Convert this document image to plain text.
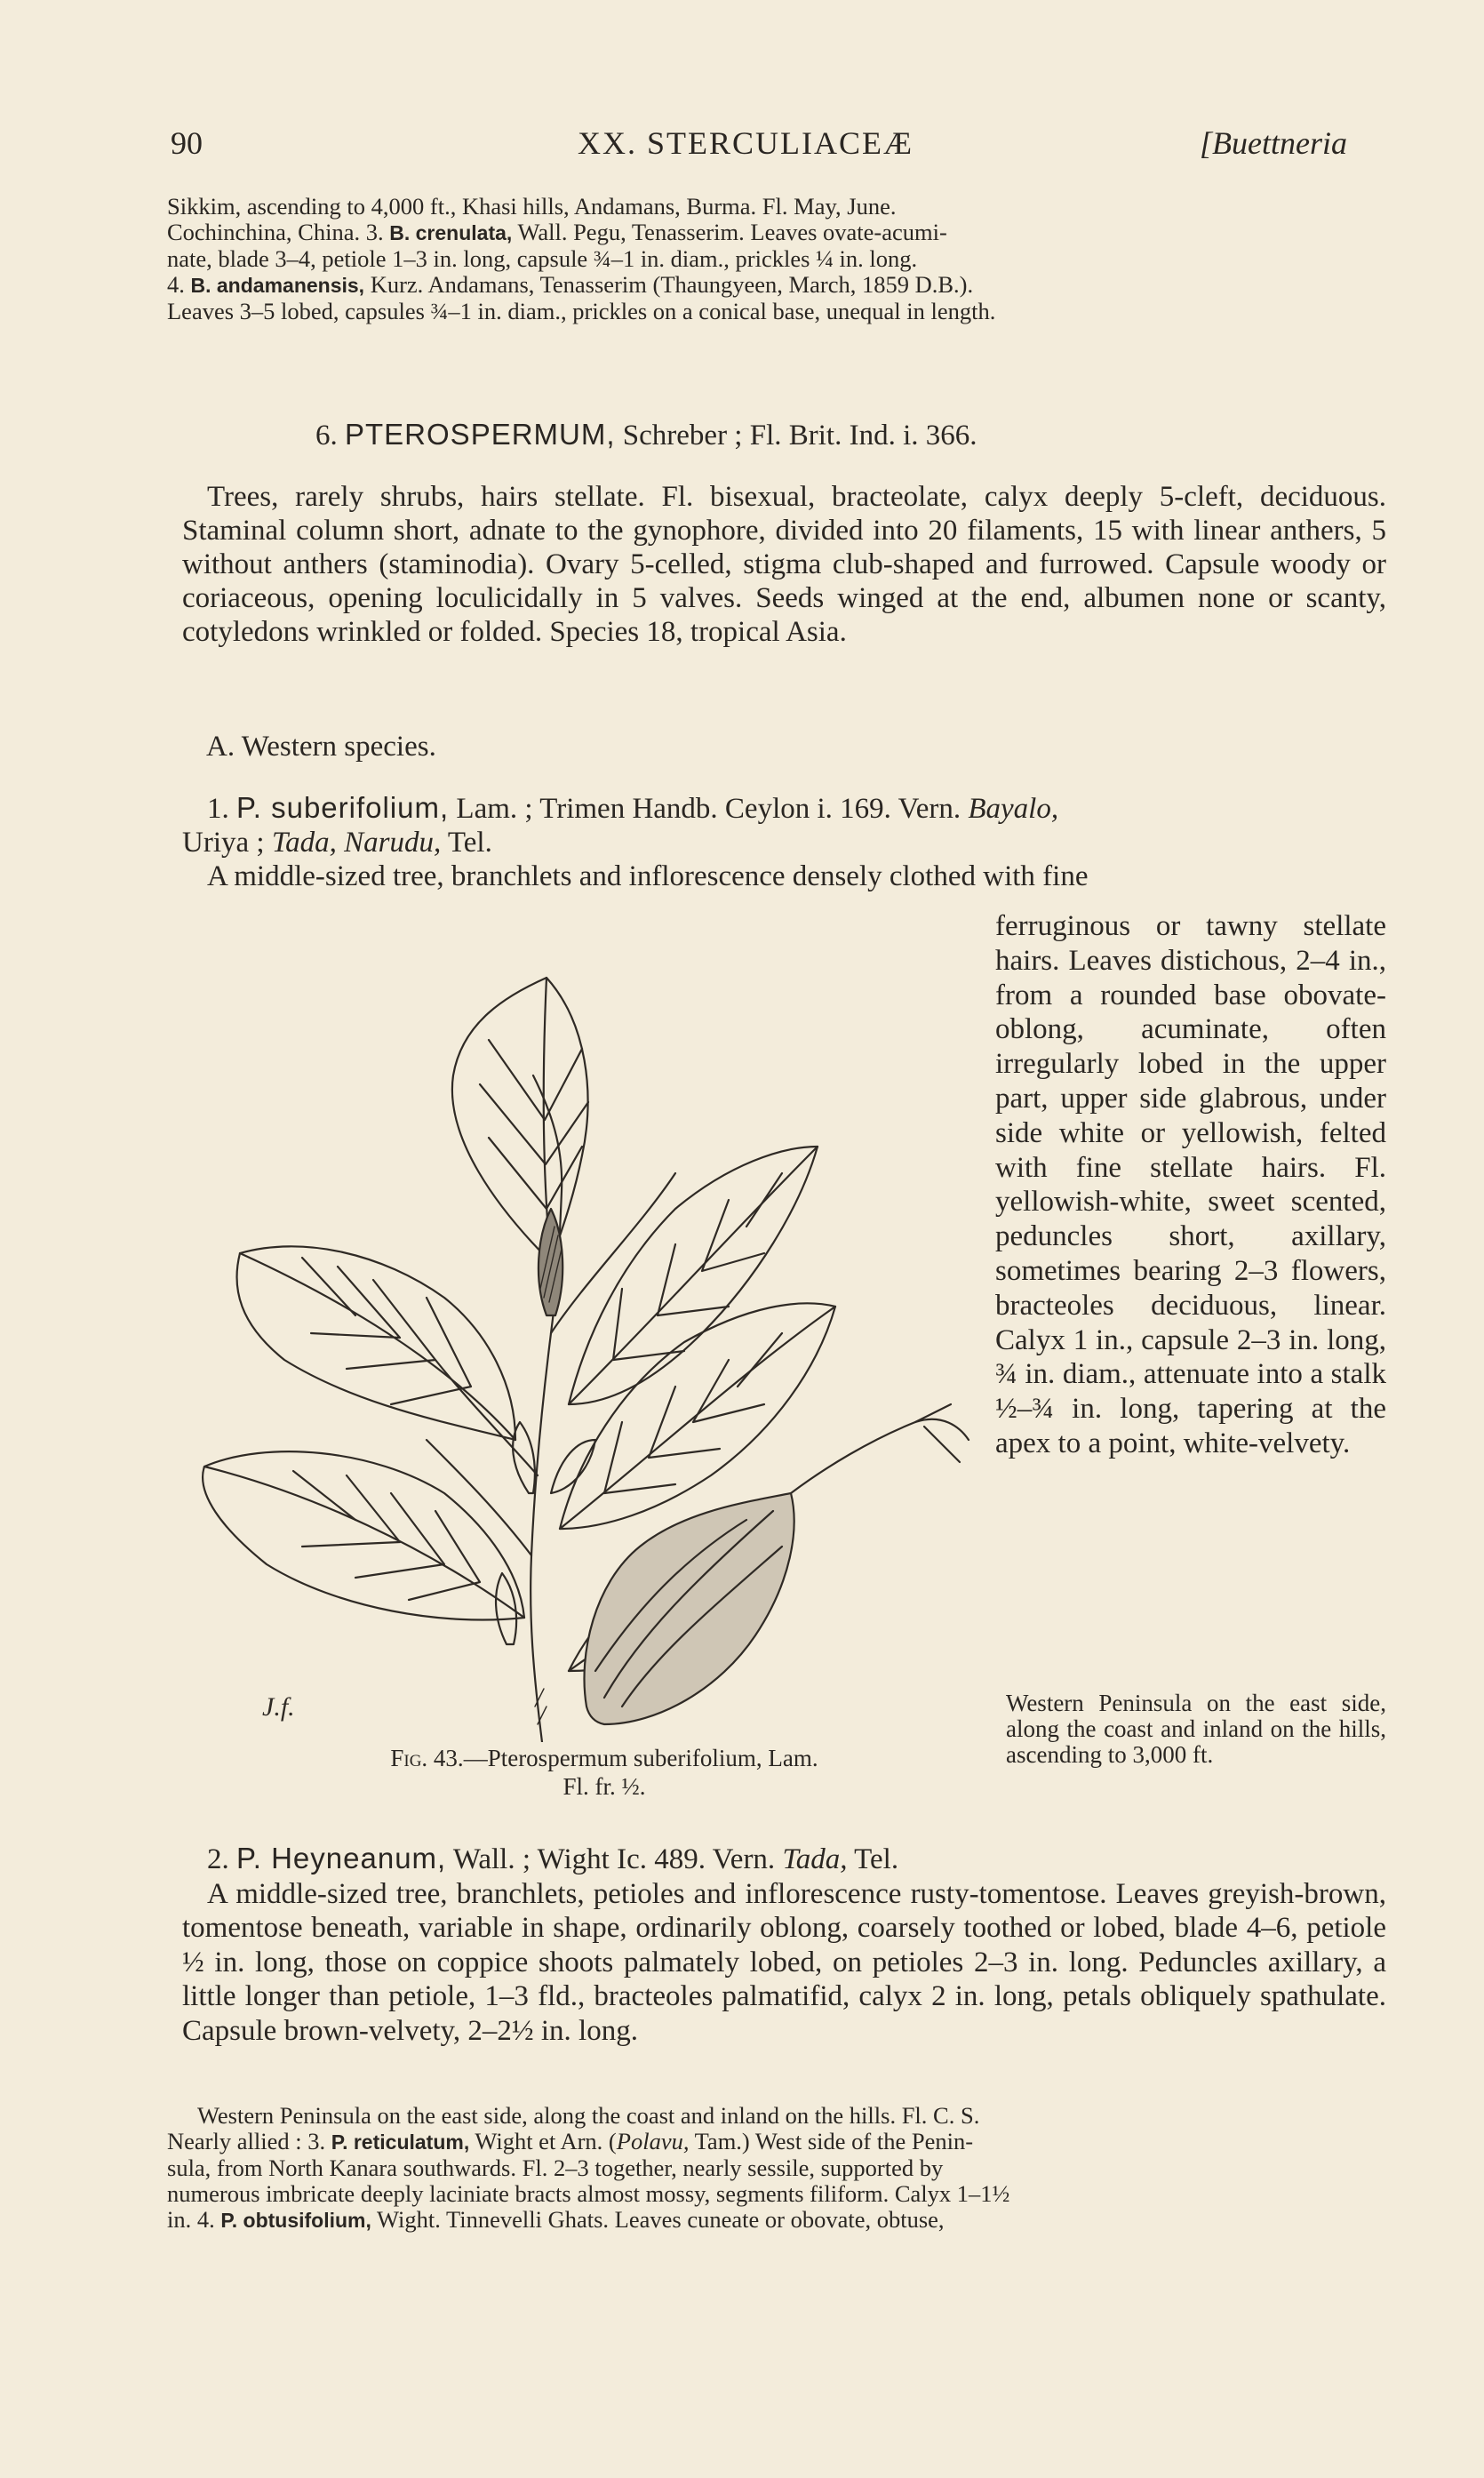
90	XX. STERCULIACEÆ	[Buettneria

Sikkim, ascending to 4,000 ft., Khasi hills, Andamans, Burma. Fl. May, June.

Cochinchina, China. 3. B. crenulata, Wall. Pegu, Tenasserim. Leaves ovate-acumi-

nate, blade 3–4, petiole 1–3 in. long, capsule ¾–1 in. diam., prickles ¼ in. long.

4. B. andamanensis, Kurz. Andamans, Tenasserim (Thaungyeen, March, 1859 D.B.).

Leaves 3–5 lobed, capsules ¾–1 in. diam., prickles on a conical base, unequal in length.

6. PTEROSPERMUM, Schreber ; Fl. Brit. Ind. i. 366.

Trees, rarely shrubs, hairs stellate. Fl. bisexual, bracteolate, calyx deeply 5-cleft, deciduous. Staminal column short, adnate to the gynophore, divided into 20 filaments, 15 with linear anthers, 5 without anthers (staminodia). Ovary 5-celled, stigma club-shaped and furrowed. Capsule woody or coriaceous, opening loculicidally in 5 valves. Seeds winged at the end, albumen none or scanty, cotyledons wrinkled or folded. Species 18, tropical Asia.

A. Western species.

1. P. suberifolium, Lam. ; Trimen Handb. Ceylon i. 169. Vern. Bayalo,

Uriya ; Tada, Narudu, Tel.

A middle-sized tree, branchlets and inflorescence densely clothed with fine

ferruginous or tawny stellate hairs. Leaves distichous, 2–4 in., from a rounded base obovate-oblong, acuminate, often irregularly lobed in the upper part, upper side glabrous, under side white or yellowish, felted with fine stellate hairs. Fl. yellowish-white, sweet scented, peduncles short, axillary, sometimes bearing 2–3 flowers, bracteoles deciduous, linear. Calyx 1 in., capsule 2–3 in. long, ¾ in. diam., attenuate into a stalk ½–¾ in. long, tapering at the apex to a point, white-velvety.

Western Peninsula on the east side, along the coast and inland on the hills, ascending to 3,000 ft.

J.f.
Fig. 43.—Pterospermum suberifolium, Lam.
Fl. fr. ½.

2. P. Heyneanum, Wall. ; Wight Ic. 489. Vern. Tada, Tel.

A middle-sized tree, branchlets, petioles and inflorescence rusty-tomentose. Leaves greyish-brown, tomentose beneath, variable in shape, ordinarily oblong, coarsely toothed or lobed, blade 4–6, petiole ½ in. long, those on coppice shoots palmately lobed, on petioles 2–3 in. long. Peduncles axillary, a little longer than petiole, 1–3 fld., bracteoles palmatifid, calyx 2 in. long, petals obliquely spathulate. Capsule brown-velvety, 2–2½ in. long.

Western Peninsula on the east side, along the coast and inland on the hills. Fl. C. S.

Nearly allied : 3. P. reticulatum, Wight et Arn. (Polavu, Tam.) West side of the Penin-

sula, from North Kanara southwards. Fl. 2–3 together, nearly sessile, supported by

numerous imbricate deeply laciniate bracts almost mossy, segments filiform. Calyx 1–1½

in. 4. P. obtusifolium, Wight. Tinnevelli Ghats. Leaves cuneate or obovate, obtuse,
